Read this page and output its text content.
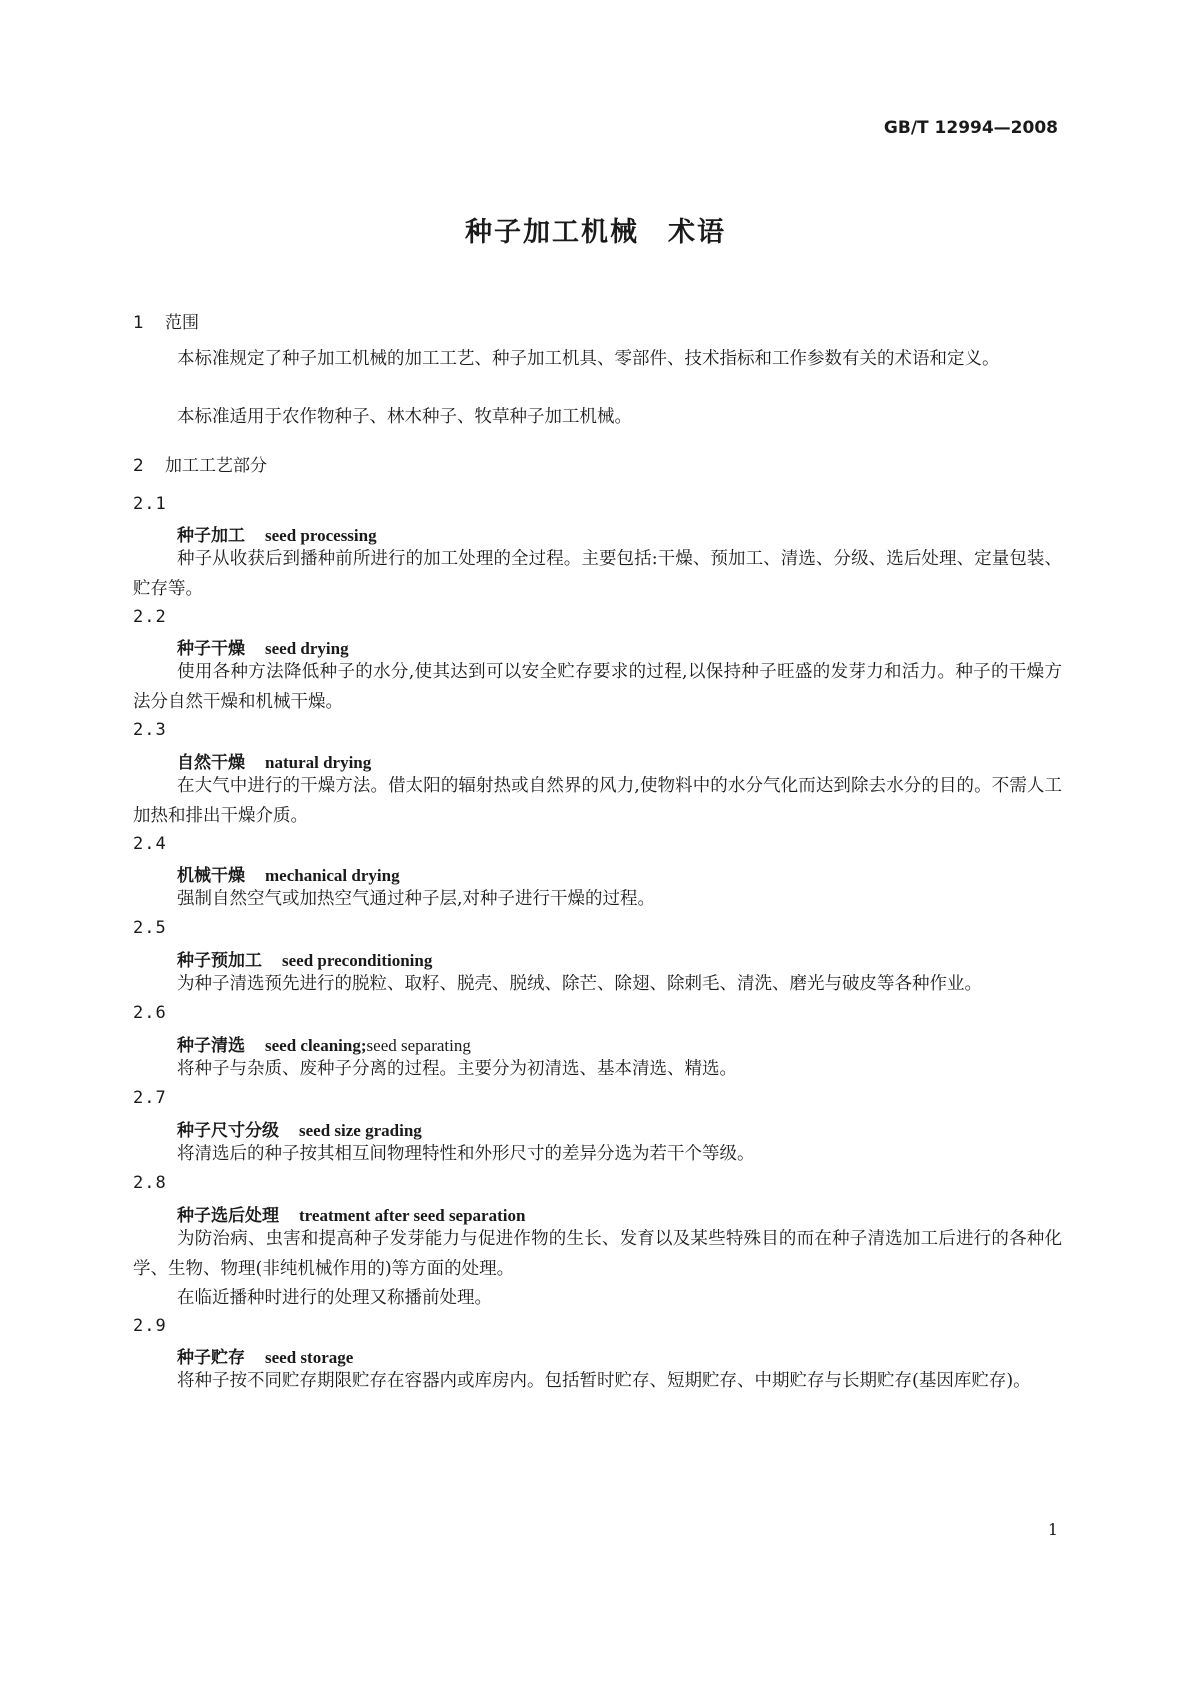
GB/T 12994—2008
种子加工机械　术语
1 范围

本标准规定了种子加工机械的加工工艺、种子加工机具、零部件、技术指标和工作参数有关的术语和定义。

本标准适用于农作物种子、林木种子、牧草种子加工机械。

2 加工工艺部分
2.1
种子加工 seed processing

种子从收获后到播种前所进行的加工处理的全过程。主要包括:干燥、预加工、清选、分级、选后处理、定量包装、贮存等。

2.2
种子干燥 seed drying

使用各种方法降低种子的水分,使其达到可以安全贮存要求的过程,以保持种子旺盛的发芽力和活力。种子的干燥方法分自然干燥和机械干燥。

2.3
自然干燥 natural drying

在大气中进行的干燥方法。借太阳的辐射热或自然界的风力,使物料中的水分气化而达到除去水分的目的。不需人工加热和排出干燥介质。

2.4
机械干燥 mechanical drying

强制自然空气或加热空气通过种子层,对种子进行干燥的过程。

2.5
种子预加工 seed preconditioning

为种子清选预先进行的脱粒、取籽、脱壳、脱绒、除芒、除翅、除刺毛、清洗、磨光与破皮等各种作业。

2.6
种子清选 seed cleaning;seed separating

将种子与杂质、废种子分离的过程。主要分为初清选、基本清选、精选。

2.7
种子尺寸分级 seed size grading

将清选后的种子按其相互间物理特性和外形尺寸的差异分选为若干个等级。

2.8
种子选后处理 treatment after seed separation

为防治病、虫害和提高种子发芽能力与促进作物的生长、发育以及某些特殊目的而在种子清选加工后进行的各种化学、生物、物理(非纯机械作用的)等方面的处理。

在临近播种时进行的处理又称播前处理。

2.9
种子贮存 seed storage

将种子按不同贮存期限贮存在容器内或库房内。包括暂时贮存、短期贮存、中期贮存与长期贮存(基因库贮存)。

1
